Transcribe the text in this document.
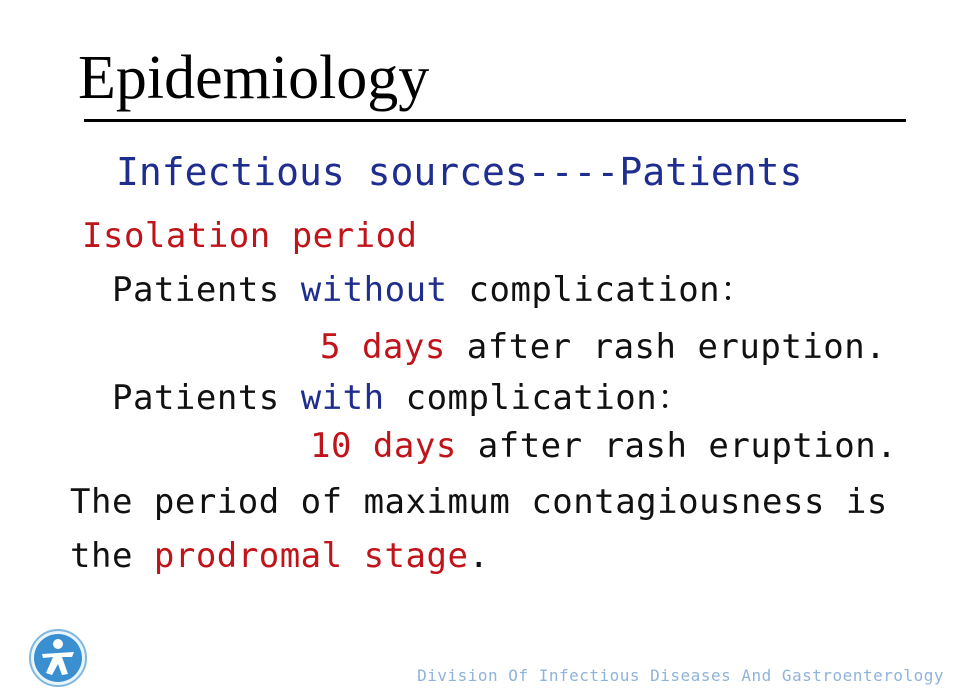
Epidemiology
Infectious sources----Patients
Isolation period
Patients without complication：
5 days after rash eruption.
Patients with complication：
10 days after rash eruption.
The period of maximum contagiousness is
the prodromal stage.
Division Of Infectious Diseases And Gastroenterology
